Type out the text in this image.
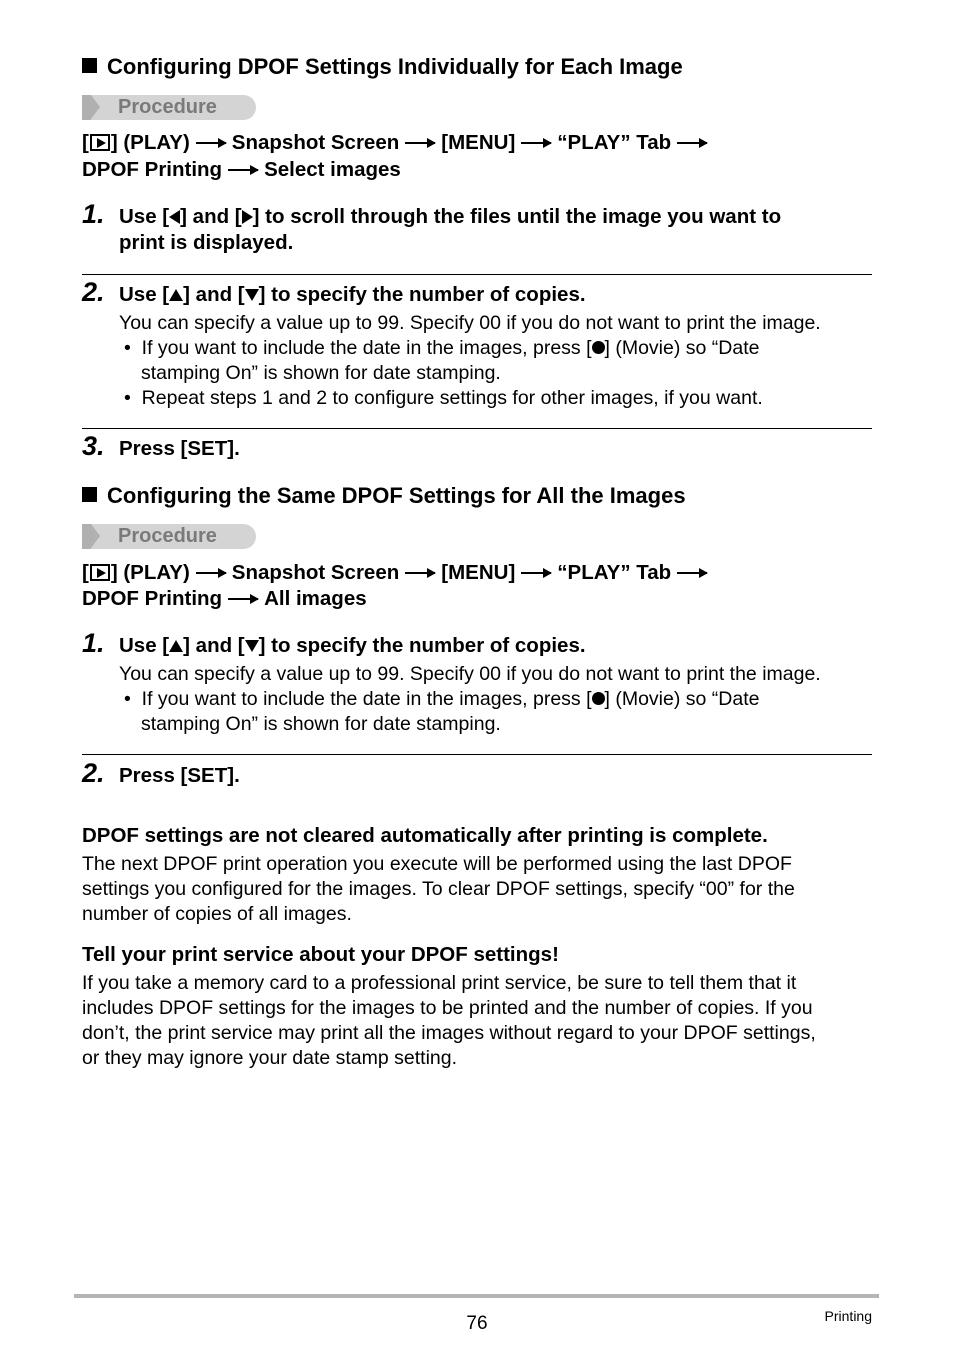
Configuring DPOF Settings Individually for Each Image
Procedure
[ ] (PLAY) Snapshot Screen [MENU] “PLAY” Tab
DPOF Printing Select images
1. Use [ ] and [ ] to scroll through the files until the image you want to
print is displayed.
2. Use [ ] and [ ] to specify the number of copies.
You can specify a value up to 99. Specify 00 if you do not want to print the image.
• If you want to include the date in the images, press [ ] (Movie) so “Date
stamping On” is shown for date stamping.
• Repeat steps 1 and 2 to configure settings for other images, if you want.
3. Press [SET].
Configuring the Same DPOF Settings for All the Images
Procedure
[ ] (PLAY) Snapshot Screen [MENU] “PLAY” Tab
DPOF Printing All images
1. Use [ ] and [ ] to specify the number of copies.
You can specify a value up to 99. Specify 00 if you do not want to print the image.
• If you want to include the date in the images, press [ ] (Movie) so “Date
stamping On” is shown for date stamping.
2. Press [SET].
DPOF settings are not cleared automatically after printing is complete.
The next DPOF print operation you execute will be performed using the last DPOF
settings you configured for the images. To clear DPOF settings, specify “00” for the
number of copies of all images.
Tell your print service about your DPOF settings!
If you take a memory card to a professional print service, be sure to tell them that it
includes DPOF settings for the images to be printed and the number of copies. If you
don’t, the print service may print all the images without regard to your DPOF settings,
or they may ignore your date stamp setting.
76	Printing
